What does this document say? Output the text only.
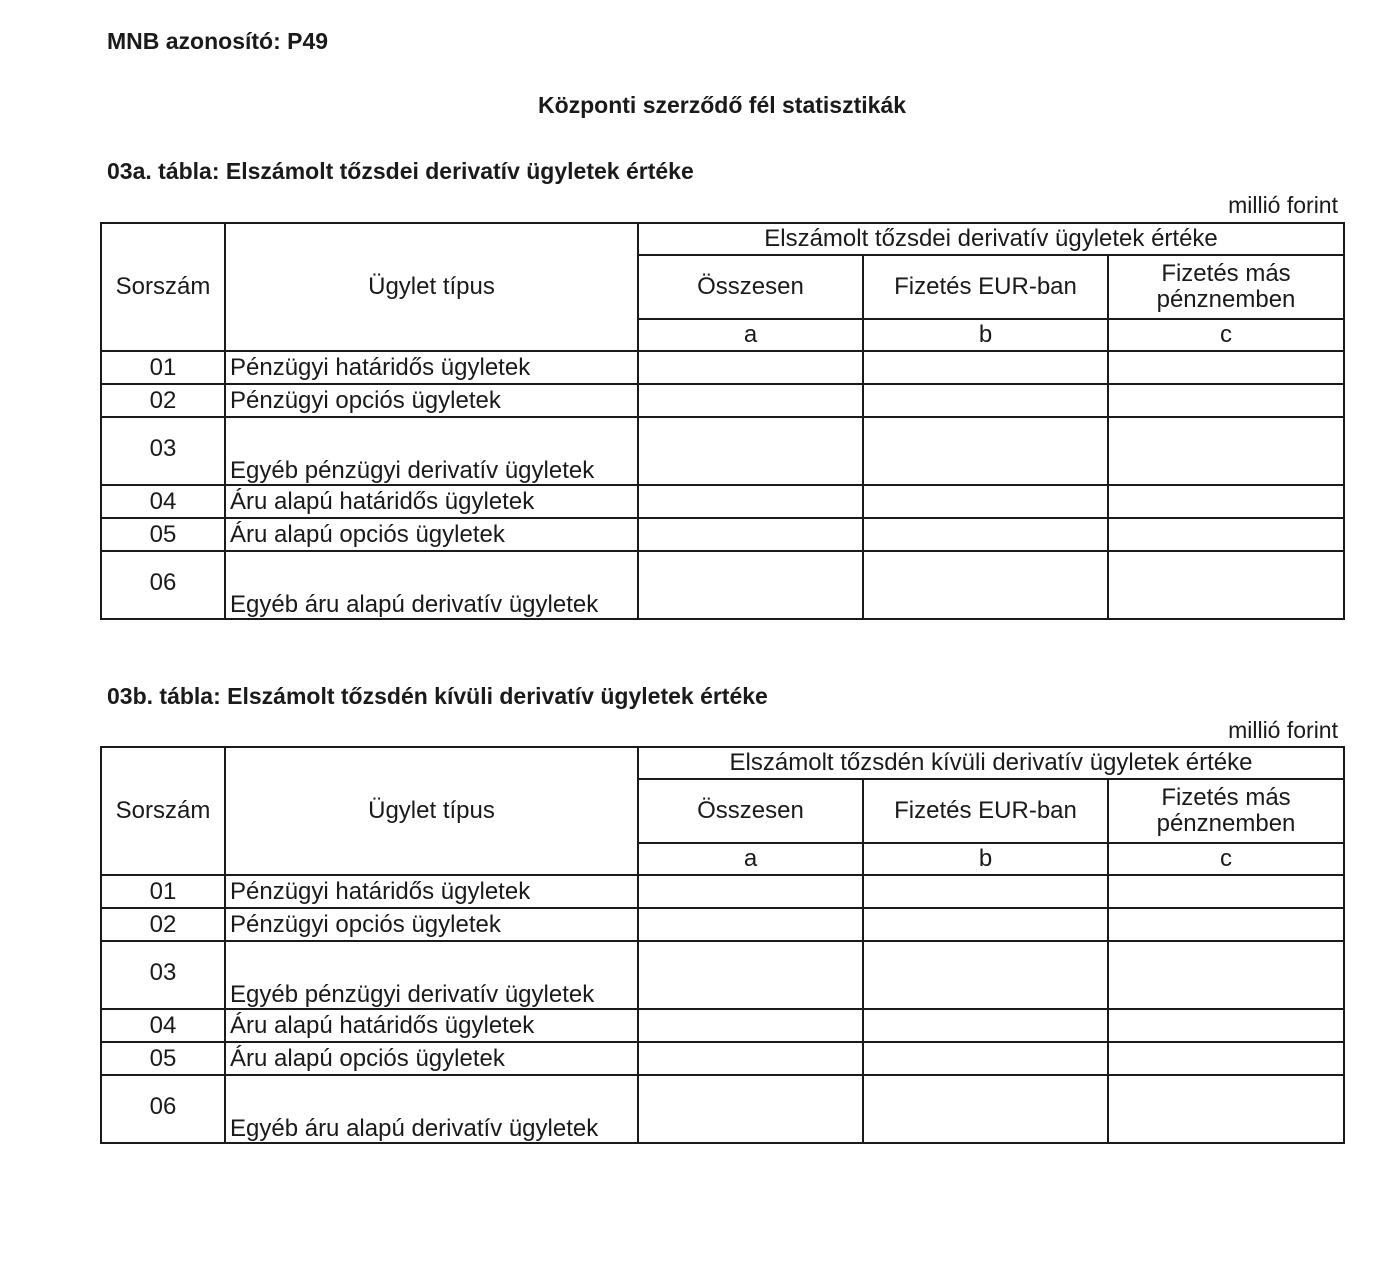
MNB azonosító: P49
Központi szerződő fél statisztikák
03a. tábla: Elszámolt tőzsdei derivatív ügyletek értéke
millió forint
Sorszám	Ügylet típus	Elszámolt tőzsdei derivatív ügyletek értéke		
		Összesen	Fizetés EUR-ban	Fizetés más pénznemben
		a	b	c
01	Pénzügyi határidős ügyletek			
02	Pénzügyi opciós ügyletek			
03	Egyéb pénzügyi derivatív ügyletek			
04	Áru alapú határidős ügyletek			
05	Áru alapú opciós ügyletek			
06	Egyéb áru alapú derivatív ügyletek			
03b. tábla: Elszámolt tőzsdén kívüli derivatív ügyletek értéke
millió forint
Sorszám	Ügylet típus	Elszámolt tőzsdén kívüli derivatív ügyletek értéke		
		Összesen	Fizetés EUR-ban	Fizetés más pénznemben
		a	b	c
01	Pénzügyi határidős ügyletek			
02	Pénzügyi opciós ügyletek			
03	Egyéb pénzügyi derivatív ügyletek			
04	Áru alapú határidős ügyletek			
05	Áru alapú opciós ügyletek			
06	Egyéb áru alapú derivatív ügyletek			
